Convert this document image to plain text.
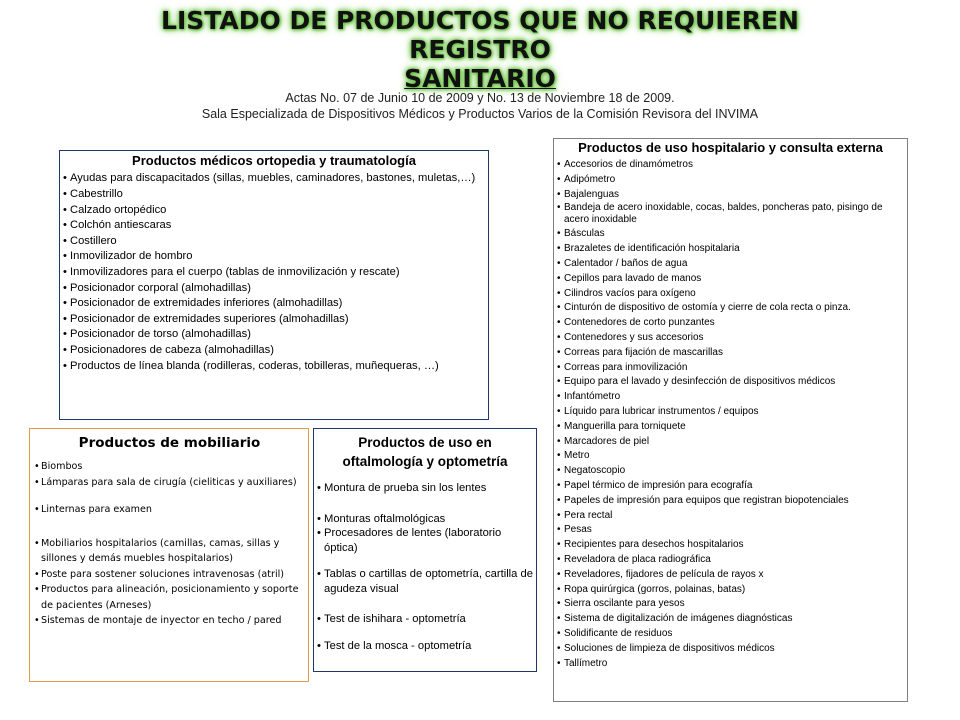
LISTADO DE PRODUCTOS QUE NO REQUIEREN REGISTRO
SANITARIO
Actas No. 07 de Junio 10 de 2009 y No. 13 de Noviembre 18 de 2009.
Sala Especializada de Dispositivos Médicos y Productos Varios de la Comisión Revisora del INVIMA
Productos médicos ortopedia y traumatología
• Ayudas para discapacitados (sillas, muebles, caminadores, bastones, muletas,…)
• Cabestrillo
• Calzado ortopédico
• Colchón antiescaras
• Costillero
• Inmovilizador de hombro
• Inmovilizadores para el cuerpo (tablas de inmovilización y rescate)
• Posicionador corporal (almohadillas)
• Posicionador de extremidades inferiores (almohadillas)
• Posicionador de extremidades superiores (almohadillas)
• Posicionador de torso (almohadillas)
• Posicionadores de cabeza (almohadillas)
• Productos de línea blanda (rodilleras, coderas, tobilleras, muñequeras, …)
Productos de uso hospitalario y consulta externa
• Accesorios de dinamómetros
• Adipómetro
• Bajalenguas
• Bandeja de acero inoxidable, cocas, baldes, poncheras pato, pisingo de acero inoxidable
• Básculas
• Brazaletes de identificación hospitalaria
• Calentador / baños de agua
• Cepillos para lavado de manos
• Cilindros vacíos para oxígeno
• Cinturón de dispositivo de ostomía y cierre de cola recta o pinza.
• Contenedores de corto punzantes
• Contenedores y sus accesorios
• Correas para fijación de mascarillas
• Correas para inmovilización
• Equipo para el lavado y desinfección de dispositivos médicos
• Infantómetro
• Líquido para lubricar instrumentos / equipos
• Manguerilla para torniquete
• Marcadores de piel
• Metro
• Negatoscopio
• Papel térmico de impresión para ecografía
• Papeles de impresión para equipos que registran biopotenciales
• Pera rectal
• Pesas
• Recipientes para desechos hospitalarios
• Reveladora de placa radiográfica
• Reveladores, fijadores de película de rayos x
• Ropa quirúrgica (gorros, polainas, batas)
• Sierra oscilante para yesos
• Sistema de digitalización de imágenes diagnósticas
• Solidificante de residuos
• Soluciones de limpieza de dispositivos médicos
• Tallímetro
Productos de mobiliario
• Biombos
• Lámparas para sala de cirugía (cieliticas y auxiliares)
• Linternas para examen
• Mobiliarios hospitalarios (camillas, camas, sillas y sillones y demás muebles hospitalarios)
• Poste para sostener soluciones intravenosas (atril)
• Productos para alineación, posicionamiento y soporte de pacientes (Arneses)
• Sistemas de montaje de inyector en techo / pared
Productos de uso en oftalmología y optometría
• Montura de prueba sin los lentes
• Monturas oftalmológicas
• Procesadores de lentes (laboratorio óptica)
• Tablas o cartillas de optometría, cartilla de agudeza visual
• Test de ishihara - optometría
• Test de la mosca - optometría
